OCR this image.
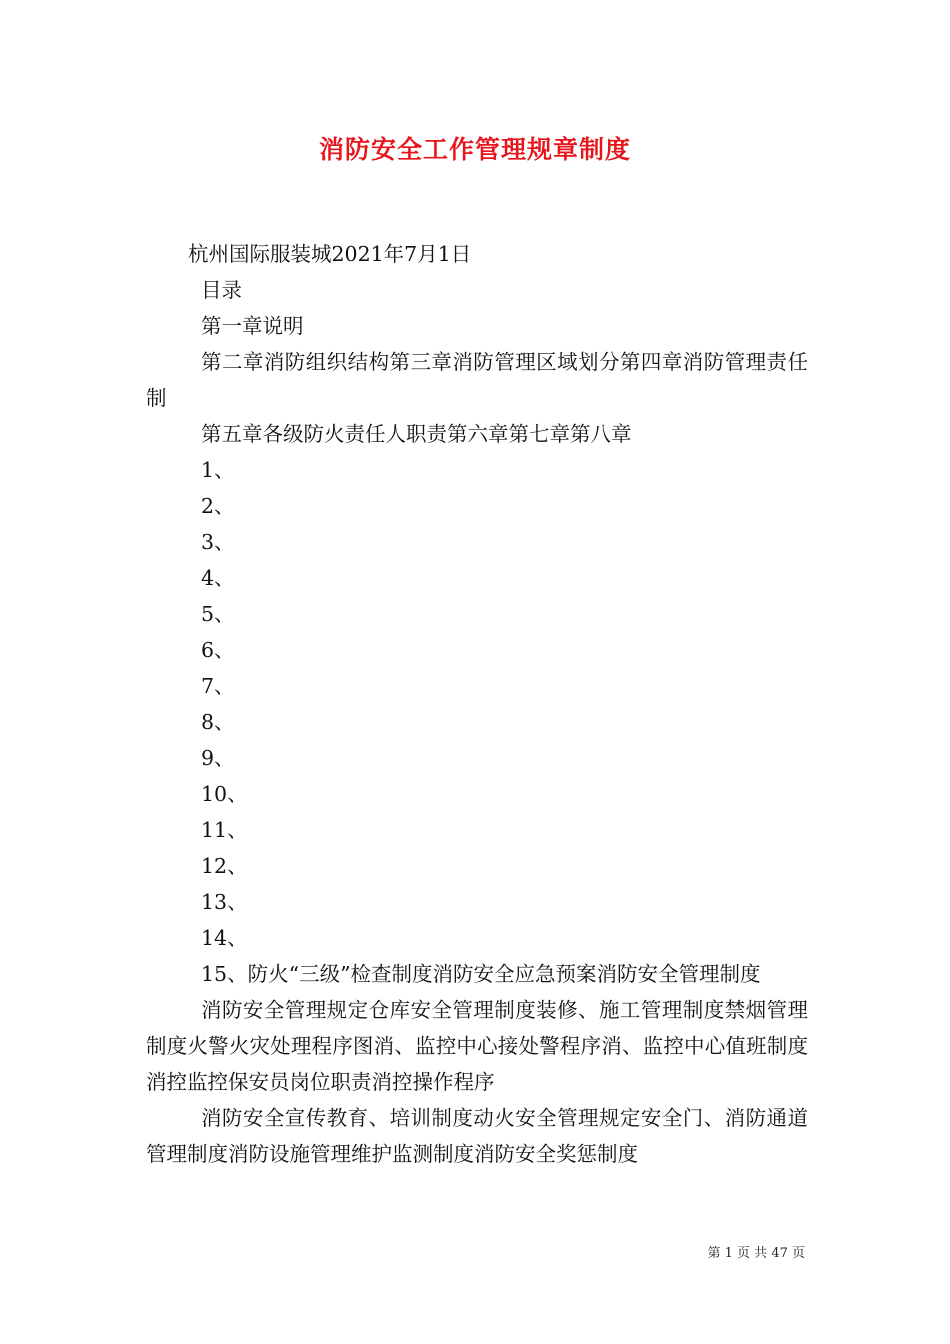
消防安全工作管理规章制度
杭州国际服装城2021年7月1日
目录
第一章说明
第二章消防组织结构第三章消防管理区域划分第四章消防管理责任制
第五章各级防火责任人职责第六章第七章第八章
1、
2、
3、
4、
5、
6、
7、
8、
9、
10、
11、
12、
13、
14、
15、防火“三级”检查制度消防安全应急预案消防安全管理制度
消防安全管理规定仓库安全管理制度装修、施工管理制度禁烟管理制度火警火灾处理程序图消、监控中心接处警程序消、监控中心值班制度消控监控保安员岗位职责消控操作程序
消防安全宣传教育、培训制度动火安全管理规定安全门、消防通道管理制度消防设施管理维护监测制度消防安全奖惩制度
第 1 页 共 47 页
